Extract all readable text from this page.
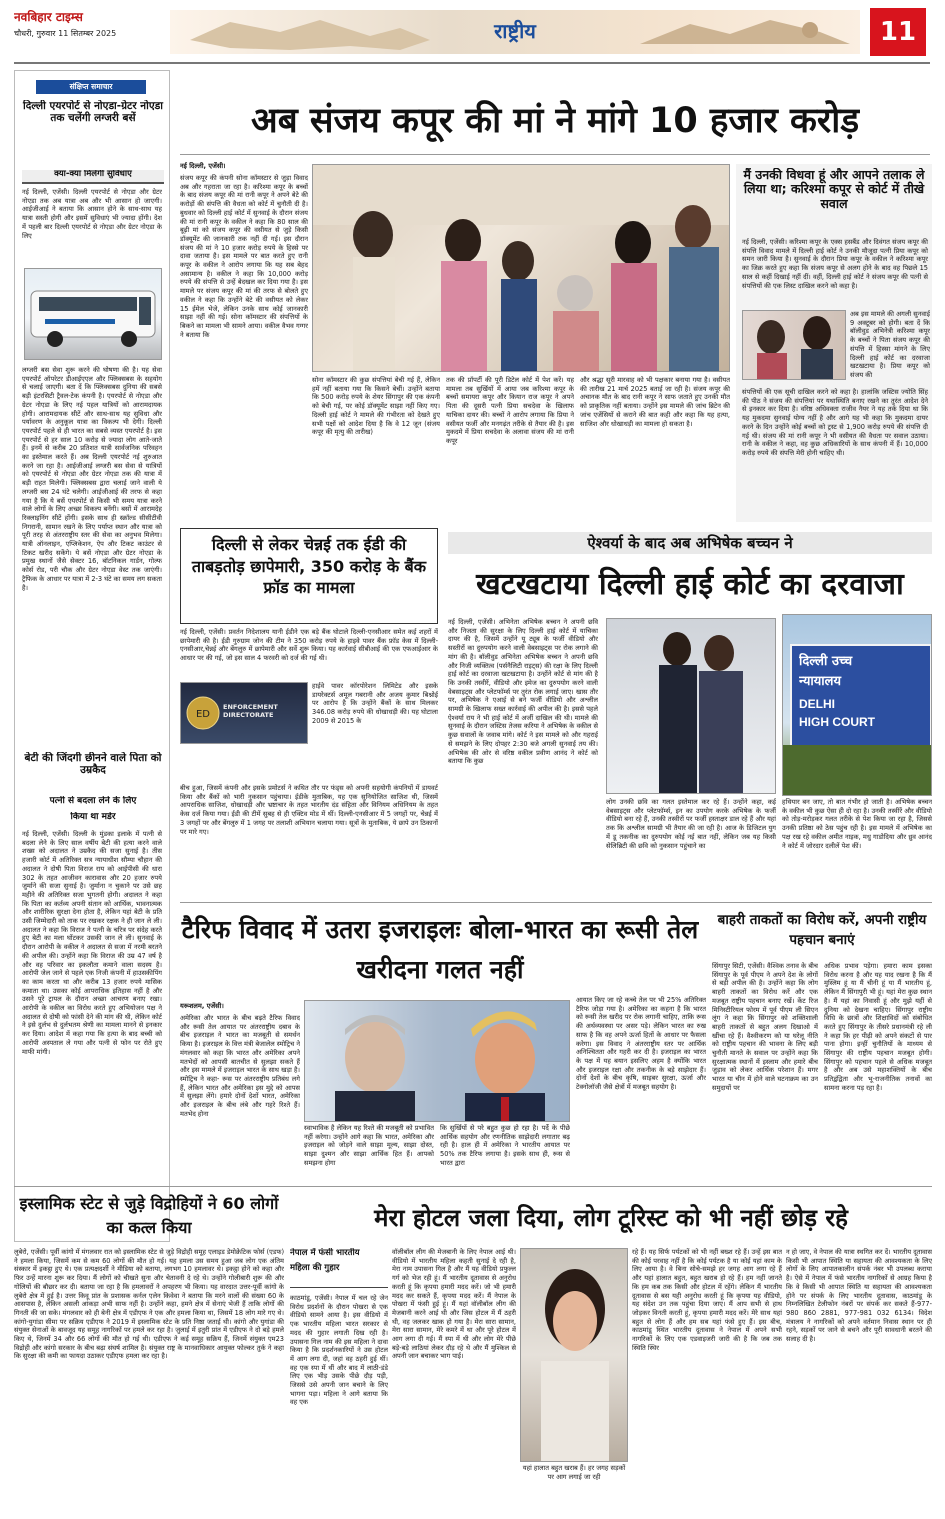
नवबिहार टाइम्स
चौधरी, गुरुवार 11 सितम्बर 2025	राष्ट्रीय	11
संक्षिप्त समाचार
दिल्ली एयरपोर्ट से नोएडा-ग्रेटर नोएडा तक चलेंगी लग्जरी बसें
क्या-क्या मिलेंगी सुविधाएं
नई दिल्ली, एजेंसी। दिल्ली एयरपोर्ट से नोएडा और ग्रेटर नोएडा तक अब यात्रा अब और भी आसान हो जाएगी। आईजीआई ने बताया कि आसान होने के साथ-साथ यह यात्रा सस्ती होगी और इसमें सुविधाएं भी ज्यादा होंगी। देश में पहली बार दिल्ली एयरपोर्ट से नोएडा और ग्रेटर नोएडा के लिए
लग्जरी बस सेवा शुरू करने की घोषणा की है। यह सेवा एयरपोर्ट ऑपरेटर डीआईएएल और फ्लिक्सबस के सहयोग से चलाई जाएगी। बता दें कि फ्लिक्सबस दुनिया की सबसे बड़ी इंटरसिटी ट्रैवल-टेक कंपनी है। एयरपोर्ट से नोएडा और ग्रेटर नोएडा के लिए नई पहल यात्रियों को आरामदायक होगी। आरामदायक सीटें और साथ-साथ यह सुविधा और पर्यावरण के अनुकूल यात्रा का विकल्प भी देगी। दिल्ली एयरपोर्ट पहले से ही भारत का सबसे व्यस्त एयरपोर्ट है। इस एयरपोर्ट से हर साल 10 करोड़ से ज्यादा लोग आते-जाते हैं। इनमें से करीब 20 प्रतिशत यात्री सार्वजनिक परिवहन का इस्तेमाल करते हैं। अब दिल्ली एयरपोर्ट नई शुरुआत करने जा रहा है। आईजीआई लग्जरी बस सेवा से यात्रियों को एयरपोर्ट से नोएडा और ग्रेटर नोएडा तक की यात्रा में बड़ी राहत मिलेगी। फ्लिक्सबस द्वारा चलाई जाने वाली ये लग्जरी बस 24 घंटे चलेगी। आईजीआई की तरफ से कहा गया है कि ये बसें एयरपोर्ट से किसी भी समय यात्रा करने वाले लोगों के लिए अच्छा विकल्प बनेंगी। बसों में आरामदेह रिक्लाइनिंग सीटें होंगी। इसके साथ ही स्क्रॉल्ड सीसीटीवी निगरानी, सामान रखने के लिए पर्याप्त स्थान और यात्रा को पूरी तरह से अंतरराष्ट्रीय स्तर की सेवा का अनुभव मिलेगा। यात्री ऑनलाइन, एप्लिकेशन, ऐप और टिकट काउंटर से टिकट खरीद सकेंगे। ये बसें नोएडा और ग्रेटर नोएडा के प्रमुख स्थानों जैसे सेक्टर 16, बॉटनिकल गार्डन, गोल्फ कोर्स रोड, परी चौक और ग्रेटर नोएडा वेस्ट तक जाएंगी। ट्रैफिक के आधार पर यात्रा में 2-3 घंटे का समय लग सकता है।
बेटी की जिंदगी छीनने वाले पिता को उम्रकैद
पत्नी से बदला लेने के लिए
किया था मर्डर
नई दिल्ली, एजेंसी। दिल्ली के मुंडका इलाके में पत्नी से बदला लेने के लिए साल वर्षीय बेटी की हत्या करने वाले शख्स को अदालत ने उम्रकैद की सजा सुनाई है। तीस हजारी कोर्ट में अतिरिक्त सत्र न्यायाधीश सौम्या चौहान की अदालत ने दोषी पिता विराज राय को आईपीसी की धारा 302 के तहत आजीवन कारावास और 20 हजार रुपये जुर्माने की सजा सुनाई है। जुर्माना न चुकाने पर उसे छह महीने की अतिरिक्त सजा भुगतनी होगी। अदालत ने कहा कि पिता का कर्तव्य अपनी संतान को आर्थिक, भावनात्मक और शारीरिक सुरक्षा देना होता है, लेकिन यहां बेटी के प्रति उसी जिम्मेदारी को ताक पर रखकर रक्षक ने ही जान ले ली। अदालत ने कहा कि विराज ने पत्नी के चरित्र पर संदेह करते हुए बेटी का मला घोंटकर उसकी जान ले ली। सुनवाई के दौरान आरोपी के वकील ने अदालत से सजा में नरमी बरतने की अपील की। उन्होंने कहा कि विराज की उम्र 47 वर्ष है और वह परिवार का इकलौता कमाने वाला सदस्य है। आरोपी जेल जाने से पहले एक निजी कंपनी में हाउसकीपिंग का काम करता था और करीब 13 हजार रुपये मासिक कमाता था। उसका कोई आपराधिक इतिहास नहीं है और उसने पूरे ट्रायल के दौरान अच्छा आचरण बनाए रखा। आरोपी के वकील का विरोध करते हुए अभियोजन पक्ष ने अदालत से दोषी को फांसी देने की मांग की थी, लेकिन कोर्ट ने इसे दुर्लभ से दुर्लभतम श्रेणी का मामला मानने से इनकार कर दिया। आदेश में कहा गया कि हत्या के बाद बच्ची को आरोपी अस्पताल ले गया और पत्नी से फोन पर रोते हुए माफी मांगी।
अब संजय कपूर की मां ने मांगे 10 हजार करोड़
नई दिल्ली, एजेंसी।
संजय कपूर की कंपनी सोना कॉमस्टार से जुड़ा विवाद अब और गहराता जा रहा है। करिश्मा कपूर के बच्चों के बाद संजय कपूर की मां रानी कपूर ने अपने बेटे की करोड़ों की संपत्ति की वैधता को कोर्ट में चुनौती दी है। बुधवार को दिल्ली हाई कोर्ट में सुनवाई के दौरान संजय की मां रानी कपूर के वकील ने कहा कि 80 साल की बूढ़ी मां को संजय कपूर की वसीयत से जुड़े किसी डॉक्यूमेंट की जानकारी तक नहीं दी गई। इस दौरान संजय की मां ने 10 हजार करोड़ रुपये के हिस्से पर दावा जताया है। इस मामले पर बात करते हुए रानी कपूर के वकील ने आरोप लगाया कि यह सब बेहद असामान्य है। वकील ने कहा कि 10,000 करोड़ रुपये की संपत्ति से उन्हें बेदखल कर दिया गया है। इस मामले पर संजय कपूर की मां की तरफ से बोलते हुए वकील ने कहा कि उन्होंने बेटे की वसीयत को लेकर 15 ईमेल भेजे, लेकिन उनके साथ कोई जानकारी साझा नहीं की गई। सोना कॉमस्टार की संपत्तियों के बिकने का मामला भी सामने आया। वकील वैभव गग्गर ने बताया कि
सोना कॉमस्टार की कुछ संपत्तियां बेची गई हैं, लेकिन हमें नहीं बताया गया कि किसने बेचीं। उन्होंने बताया कि 500 करोड़ रुपये के शेयर सिंगापुर की एक कंपनी को बेची गई, पर कोई डॉक्यूमेंट साझा नहीं किए गए। दिल्ली हाई कोर्ट ने मामले की गंभीरता को देखते हुए सभी पक्षों को आदेश दिया है कि वे 12 जून (संजय कपूर की मृत्यु की तारीख)
तक की प्रॉपर्टी की पूरी डिटेल कोर्ट में पेश करें। यह मामला तब सुर्खियों में आया जब करिश्मा कपूर के बच्चों समायरा कपूर और कियान राज कपूर ने अपने पिता की दूसरी पत्नी प्रिया सचदेवा के खिलाफ याचिका दायर की। बच्चों ने आरोप लगाया कि प्रिया ने वसीयत फर्जी और मनगढ़ंत तरीके से तैयार की है। इस मुकदमे में प्रिया सचदेवा के अलावा संजय की मां रानी कपूर
और श्रद्धा सूरी मारवाह को भी पक्षकार बनाया गया है। वसीयत की तारीख 21 मार्च 2025 बताई जा रही है। संजय कपूर की अचानक मौत के बाद रानी कपूर ने साफ जताते हुए उनकी मौत को प्राकृतिक नहीं बताया। उन्होंने इस मामले की जांच ब्रिटेन की जांच एजेंसियों से कराने की बात कही और कहा कि यह हत्या, साजिश और धोखाधड़ी का मामला हो सकता है।
मैं उनकी विधवा हूं और आपने तलाक ले लिया था; करिश्मा कपूर से कोर्ट में तीखे सवाल
नई दिल्ली, एजेंसी। करिश्मा कपूर के एक्स हसबैंड और दिवंगत संजय कपूर की संपत्ति विवाद मामले में दिल्ली हाई कोर्ट ने उनकी मौजूदा पत्नी प्रिया कपूर को समन जारी किया है। सुनवाई के दौरान प्रिया कपूर के वकील ने करिश्मा कपूर का जिक्र करते हुए कहा कि संजय कपूर से अलग होने के बाद वह पिछले 15 साल से कहीं दिखाई नहीं दीं। वहीं, दिल्ली हाई कोर्ट ने संजय कपूर की पत्नी से संपत्तियों की एक लिस्ट दाखिल करने को कहा है।
अब इस मामले की अगली सुनवाई 9 अक्टूबर को होगी। बता दें कि बॉलीवुड अभिनेत्री करिश्मा कपूर के बच्चों ने पिता संजय कपूर की संपत्ति में हिस्सा मांगने के लिए दिल्ली हाई कोर्ट का दरवाजा खटखटाया है। प्रिया कपूर को संजय की
संपत्तियों की एक सूची दाखिल करने को कहा है। हालांकि जस्टिस ज्योति सिंह की पीठ ने संजय की संपत्तियां पर यथास्थिति बनाए रखने का तुरंत आदेश देने से इनकार कर दिया है। वरिष्ठ अधिवक्ता राजीव नैयर ने यह तर्क दिया था कि यह मुकदमा सुनवाई योग्य नहीं है और आगे यह भी कहा कि मुकदमा दायर करने के दिन उन्होंने कोई बच्चों को ट्रस्ट से 1,900 करोड़ रुपये की संपत्ति दी गई थी। संजय की मां रानी कपूर ने भी वसीयत की वैधता पर सवाल उठाया। रानी के वकील ने कहा, वह कुछ अधिकारियों के साथ कंपनी में हैं। 10,000 करोड़ रुपये की संपत्ति मेरी होनी चाहिए थी।
दिल्ली से लेकर चेन्नई तक ईडी की ताबड़तोड़ छापेमारी, 350 करोड़ के बैंक फ्रॉड का मामला
नई दिल्ली, एजेंसी। प्रवर्तन निदेशालय यानी ईडीने एक बड़े बैंक घोटाले दिल्ली-एनसीआर समेत कई शहरों में छापेमारी की है। ईडी गुरुग्राम जोन की टीम ने 350 करोड़ रुपये के हाइवे पावर बैंक फ्रॉड केस में दिल्ली-एनसीआर,चेन्नई और बेंगलुरु में छापेमारी और सर्वे शुरू किया। यह कार्रवाई सीबीआई की एक एफआईआर के आधार पर की गई, जो इस साल 4 फरवरी को दर्ज की गई थी।
ED
ENFORCEMENT DIRECTORATE
हाईवे पावर कॉरपोरेशन लिमिटेड और इसके डायरेक्टर्स अमूल गबरानी और अजय कुमार बिश्नोई पर आरोप है कि उन्होंने बैंकों के साथ मिलकर 346.08 करोड़ रुपये की धोखाधड़ी की। यह घोटाला 2009 से 2015 के
बीच हुआ, जिसमें कंपनी और इसके प्रमोटर्स ने कथित तौर पर फंड्स को अपनी सहयोगी कंपनियों में डायवर्ट किया और बैंकों को भारी नुकसान पहुंचाया। ईडीके मुताबिक, यह एक सुनियोजित साजिश थी, जिसमें आपराधिक साजिश, धोखाधड़ी और भ्रष्टाचार के तहत भारतीय दंड संहिता और विनियम अधिनियम के तहत केस दर्ज किया गया। ईडी की टीमें सुबह से ही एक्टिव मोड में थीं। दिल्ली-एनसीआर में 5 जगहों पर, चेन्नई में 3 जगहों पर और बेंगलुरु में 1 जगह पर तलाशी अभियान चलाया गया। सूत्रों के मुताबिक, ये छापे उन ठिकानों पर मारे गए।
ऐश्वर्या के बाद अब अभिषेक बच्चन ने
खटखटाया दिल्ली हाई कोर्ट का दरवाजा
नई दिल्ली, एजेंसी। अभिनेता अभिषेक बच्चन ने अपनी छवि और निजता की सुरक्षा के लिए दिल्ली हाई कोर्ट में याचिका दायर की है, जिसमें उन्होंने यू ट्यूब के फर्जी वीडियो और सस्तीरों का दुरुपयोग करने वाली वेबसाइट्स पर रोक लगाने की मांग की है। बॉलीवुड अभिनेता अभिषेक बच्चन ने अपनी छवि और निजी व्यक्तित्व (पर्सनैलिटी राइट्स) की रक्षा के लिए दिल्ली हाई कोर्ट का दरवाजा खटखटाया है। उन्होंने कोर्ट से मांग की है कि उनकी तस्वीरें, वीडियो और इमेज का दुरुपयोग करने वाली वेबसाइट्स और प्लेटफॉर्म्स पर तुरंत रोक लगाई जाए। खास तौर पर, अभिषेक ने एआई से बने फर्जी वीडियो और अश्लील सामग्री के खिलाफ सख्त कार्रवाई की अपील की है। इससे पहले ऐश्वर्या राय ने भी हाई कोर्ट में अर्जी दाखिल की थी। मामले की सुनवाई के दौरान जस्टिस तेजस करिया ने अभिषेक के वकील से कुछ सवालों के जवाब मांगे। कोर्ट ने इस मामले को और गहराई से समझने के लिए दोपहर 2:30 बजे अगली सुनवाई तय की। अभिषेक की ओर से वरिष्ठ वकील प्रवीण आनंद ने कोर्ट को बताया कि कुछ
दिल्ली उच्च
न्यायालय
DELHI
HIGH COURT
लोग उनकी छवि का गलत इस्तेमाल कर रहे हैं। उन्होंने कहा, कई वेबसाइट्स और प्लेटफॉर्म्स, इन का उपयोग करके अभिषेक के फर्जी वीडियो बना रहे हैं, उनकी तस्वीरों पर फर्जी हस्ताक्षर डाल रहे हैं और यहां तक कि अश्लील सामग्री भी तैयार की जा रही है। आज के डिजिटल युग में डू तकनीक का दुरुपयोग कोई नई बात नहीं, लेकिन जब यह किसी सेलिब्रिटी की छवि को नुकसान पहुंचाने का
हथियार बन जाए, तो बात गंभीर हो जाती है। अभिषेक बच्चन के वकील भी कुछ ऐसा ही दो रहा है। उनकी तस्वीरें और वीडियो को तोड़-मरोड़कर गलत तरीके से पेश किया जा रहा है, जिससे उनकी प्रतिष्ठा को ठेस पहुंच रही है। इस मामले में अभिषेक का पक्ष रख रहे वकील अमीत नाइक, मधु गाडोदिया और ध्रुव आनंद ने कोर्ट में जोरदार दलीलें पेश कीं।
टैरिफ विवाद में उतरा इजराइलः बोला-भारत का रूसी तेल खरीदना गलत नहीं
यरूशलम, एजेंसी।
अमेरिका और भारत के बीच बढ़ते टैरिफ विवाद और रूसी तेल आयात पर अंतरराष्ट्रीय दबाव के बीच इजराइल ने भारत का मजबूती से समर्थन किया है। इजराइल के वित्त मंत्री बेजालेल स्मोट्रिच ने मंगलवार को कहा कि भारत और अमेरिका अपने मतभेदों को आपसी बातचीत से सुलझा सकते हैं और इस मामले में इजराइल भारत के साथ खड़ा है। स्मोट्रिच ने कहा- रूस पर अंतरराष्ट्रीय प्रतिबंध लगे हैं, लेकिन भारत और अमेरिका इस मुद्दे को आपस में सुलझा लेंगे। हमारे दोनों देशों भारत, अमेरिका और इजराइल के बीच लंबे और गहरे रिश्ते हैं। मतभेद होना
स्वाभाविक है लेकिन यह रिश्ते की मजबूती को प्रभावित नहीं करेगा। उन्होंने आगे कहा कि भारत, अमेरिका और इजराइल को जोड़ने वाले साझा मूल्य, साझा दोस्त, साझा दुश्मन और साझा आर्थिक हित हैं। आपको समझना होगा
कि सुर्खियों से परे बहुत कुछ हो रहा है। पर्दे के पीछे आर्थिक सहयोग और रणनीतिक साझेदारी लगातार बढ़ रही है। हाल ही में अमेरिका ने भारतीय आयात पर 50% तक टैरिफ लगाया है। इसके साथ ही, रूस से भारत द्वारा
आयात किए जा रहे कच्चे तेल पर भी 25% अतिरिक्त टैरिफ जोड़ा गया है। अमेरिका का कहना है कि भारत को रूसी तेल खरीद पर रोक लगानी चाहिए, ताकि रूस की अर्थव्यवस्था पर असर पड़े। लेकिन भारत का रुख साफ है कि वह अपने ऊर्जा हितों के आधार पर फैसला करेगा। इस विवाद ने अंतरराष्ट्रीय स्तर पर आर्थिक अनिश्चितता और गहरी कर दी है। इजराइल का भारत के पक्ष में यह बयान इसलिए अहम है क्योंकि भारत और इजराइल रक्षा और तकनीक के बड़े साझेदार हैं। दोनों देशों के बीच कृषि, साइबर सुरक्षा, ऊर्जा और टेक्नोलॉजी जैसे क्षेत्रों में मजबूत सहयोग है।
बाहरी ताकतों का विरोध करें, अपनी राष्ट्रीय पहचान बनाएं
सिंगापुर सिटी, एजेंसी। वैश्विक तनाव के बीच सिंगापुर के पूर्व पीएम ने अपने देश के लोगों से बड़ी अपील की है। उन्होंने कहा कि लोग बाहरी ताकतों का विरोध करें और एक मजबूत राष्ट्रीय पहचान बनाए रखें। केंट रिज मिनिस्टीरियल फोरम में पूर्व पीएम ली सिएन लूंग ने कहा कि सिंगापुर को शक्तिशाली बाहरी ताकतों से बहुत अलग दिखाओ में खींचा रहे हैं। वैश्वीकरण को या घरेलू नीति को राष्ट्रीय पहचान की भावना के लिए बड़ी चुनौती मानते के सवाल पर उन्होंने कहा कि सुरक्षात्मक स्थानों में इस्लाम और हमारे बीच जुड़ाव को लेकर आर्थिक परेशान हैं। मगर भारत या चीन में होने वाले घटनाक्रम का उन समुदायों पर
अधिक प्रभाव पड़ेगा। हमारा काम इसका विरोध करना है और यह याद रखना है कि मैं मुस्लिम हूं या मैं चीनी हूं या मैं भारतीय हूं, लेकिन मैं सिंगापुरी भी हूं। यहां मेरा कुछ स्थान है। मैं यहां का निवासी हूं और मुझे यहीं से दुनिया को देखना चाहिए। सिंगापुर राष्ट्रीय विधि के छात्रों और शिक्षाविदों को संबोधित करते हुए सिंगापुर के तीसरे प्रधानमंत्री रहे ली ने कहा कि हर पीढ़ी को अपने संकटों से पार पाना होगा। इन्हीं चुनौतियों के माध्यम से सिंगापुर की राष्ट्रीय पहचान मजबूत होगी। सिंगापुर को पहचान पहले से अधिक मजबूत है और अब उसे महाशक्तियों के बीच प्रतिद्वंद्विता और भू-राजनीतिक तनावों का सामना करना पड़ रहा है।
इस्लामिक स्टेट से जुड़े विद्रोहियों ने 60 लोगों का कत्ल किया
लुबेरो, एजेंसी। पूर्वी कांगो में मंगलवार रात को इस्लामिक स्टेट से जुड़े विद्रोही समूह एलाइड डेमोक्रेटिक फोर्स (एडफ) ने हमला किया, जिसमें कम से कम 60 लोगों की मौत हो गई। यह हमला उस समय हुआ जब लोग एक अंतिम संस्कार में इकट्ठा हुए थे। एक प्रत्यक्षदर्शी ने मीडिया को बताया, लगभग 10 हमलावर थे। इकट्ठा होने को कहा और फिर उन्हें मारना शुरू कर दिया। मैं लोगों को चीखते सुना और चेतावनी दे रहे थे। उन्होंने गोलीबारी शुरू की और गोलियों की बौछार कर दी। बताया जा रहा है कि हमलावरों ने अपहरण भी किया। यह वारदात उत्तर-पूर्वी कांगो के लुबेरो क्षेत्र में हुई है। उत्तर किवू प्रांत के प्रशासक कर्नल एलेन किवेवा ने बताया कि मरने वालों की संख्या 60 के आसपास है, लेकिन असली आंकड़ा अभी साफ नहीं है। उन्होंने कहा, हमने क्षेत्र में सेनाएं भेजी हैं ताकि लोगों की गिनती की जा सके। मंगलवार को ही बेनी क्षेत्र में एडीएफ ने एक और हमला किया था, जिसमें 18 लोग मारे गए थे। कांगो-युगांडा सीमा पर सक्रिय एडीएफ ने 2019 में इस्लामिक स्टेट के प्रति निष्ठा जताई थी। कांगो और युगांडा की संयुक्त सेनाओं के बावजूद यह समूह नागरिकों पर हमले कर रहा है। जुलाई में इतुरी प्रांत में एडीएफ ने दो बड़े हमले किए थे, जिनमें 34 और 66 लोगों की मौत हो गई थी। एडीएफ ने कई समूह सक्रिय हैं, जिनमें संयुक्त एम23 विद्रोही और कांगो सरकार के बीच बढ़ा संघर्ष शामिल है। संयुक्त राष्ट्र के मानवाधिकार आयुक्त फोल्कर तुर्क ने कहा कि सुरक्षा की कमी का फायदा उठाकर एडीएफ हमला कर रहा है।
मेरा होटल जला दिया, लोग टूरिस्ट को भी नहीं छोड़ रहे
नेपाल में फंसी भारतीय
महिला की गुहार
काठमांडू, एजेंसी। नेपाल में चल रहे जेन विरोध प्रदर्शनों के दौरान पोखरा से एक वीडियो सामने आया है। इस वीडियो में एक भारतीय महिला भारत सरकार से मदद की गुहार लगाती दिख रही है। उपासना गिल नाम की इस महिला ने दावा किया है कि प्रदर्शनकारियों ने उस होटल में आग लगा दी, जहां वह ठहरी हुई थीं। वह एक स्पा में थीं और बाद में लाठी-डंडे लिए एक भीड़ उसके पीछे दौड़ पड़ी, जिससे उसे अपनी जान बचाने के लिए भागना पड़ा। महिला ने आगे बताया कि वह एक
वॉलीबॉल लीग की मेजबानी के लिए नेपाल आई थी। वीडियो में भारतीय महिला कहती सुनाई दे रही है, मेरा नाम उपासना गिल है और मैं यह वीडियो प्रफुल्ल गर्ग को भेज रही हूं। मैं भारतीय दूतावास से अनुरोध करती हूं कि कृपया हमारी मदद करें। जो भी हमारी मदद कर सकते हैं, कृपया मदद करें। मैं नेपाल के पोखरा में फंसी हुई हूं। मैं यहां वॉलीबॉल लीग की मेजबानी करने आई थी और जिस होटल में मैं ठहरी थी, वह जलकर खाक हो गया है। मेरा सारा सामान, मेरा सारा सामान, मेरे कमरे में था और पूरे होटल में आग लगा दी गई। मैं स्पा में थी और लोग मेरे पीछे बड़े-बड़े लाठियां लेकर दौड़ रहे थे और मैं मुश्किल से अपनी जान बचाकर भाग पाई।
यहां हालात बहुत खराब हैं। हर जगह सड़कों पर आग लगाई जा रही
रहे हैं। यह सिर्फ पर्यटकों को भी नहीं बख्श रहे हैं। उन्हें इस बात की कोई परवाह नहीं है कि कोई पर्यटक है या कोई यहां काम के लिए आया है। वे बिना सोचे-समझे हर जगह आग लगा रहे हैं और यहां हालात बहुत, बहुत खराब हो रहे हैं। हम नहीं जानते कि हम कब तक किसी और होटल में रहेंगे। लेकिन मैं भारतीय दूतावास से बस यही अनुरोध करती हूं कि कृपया यह वीडियो, यह संदेश उन तक पहुंचा दिया जाए। मैं आप सभी से हाथ जोड़कर विनती करती हूं, कृपया हमारी मदद करें। मेरे साथ यहां बहुत से लोग हैं और हम सब यहां फंसे हुए हैं। इस बीच, काठमांडू स्थित भारतीय दूतावास ने नेपाल में अपने सभी नागरिकों के लिए एक एडवाइजरी जारी की है कि जब तक स्थिति स्थिर
न हो जाए, वे नेपाल की यात्रा स्थगित कर दें। भारतीय दूतावास किसी भी आपात स्थिति या सहायता की आवश्यकता के लिए लोगों के लिए आपातकालीन संपर्क नंबर भी उपलब्ध कराया है। ऐसे में नेपाल में फंसे भारतीय नागरिकों से आग्रह किया है कि वे किसी भी आपात स्थिति या सहायता की आवश्यकता होने पर संपर्क के लिए भारतीय दूतावास, काठमांडू के निम्नलिखित टेलीफोन नंबरों पर संपर्क कर सकते हैं-977-980 860 2881, 977-981 032 6134। विदेश मंत्रालय ने नागरिकों को अपने वर्तमान निवास स्थान पर ही रहने, सड़कों पर जाने से बचने और पूरी सावधानी बरतने की सलाह दी है।
